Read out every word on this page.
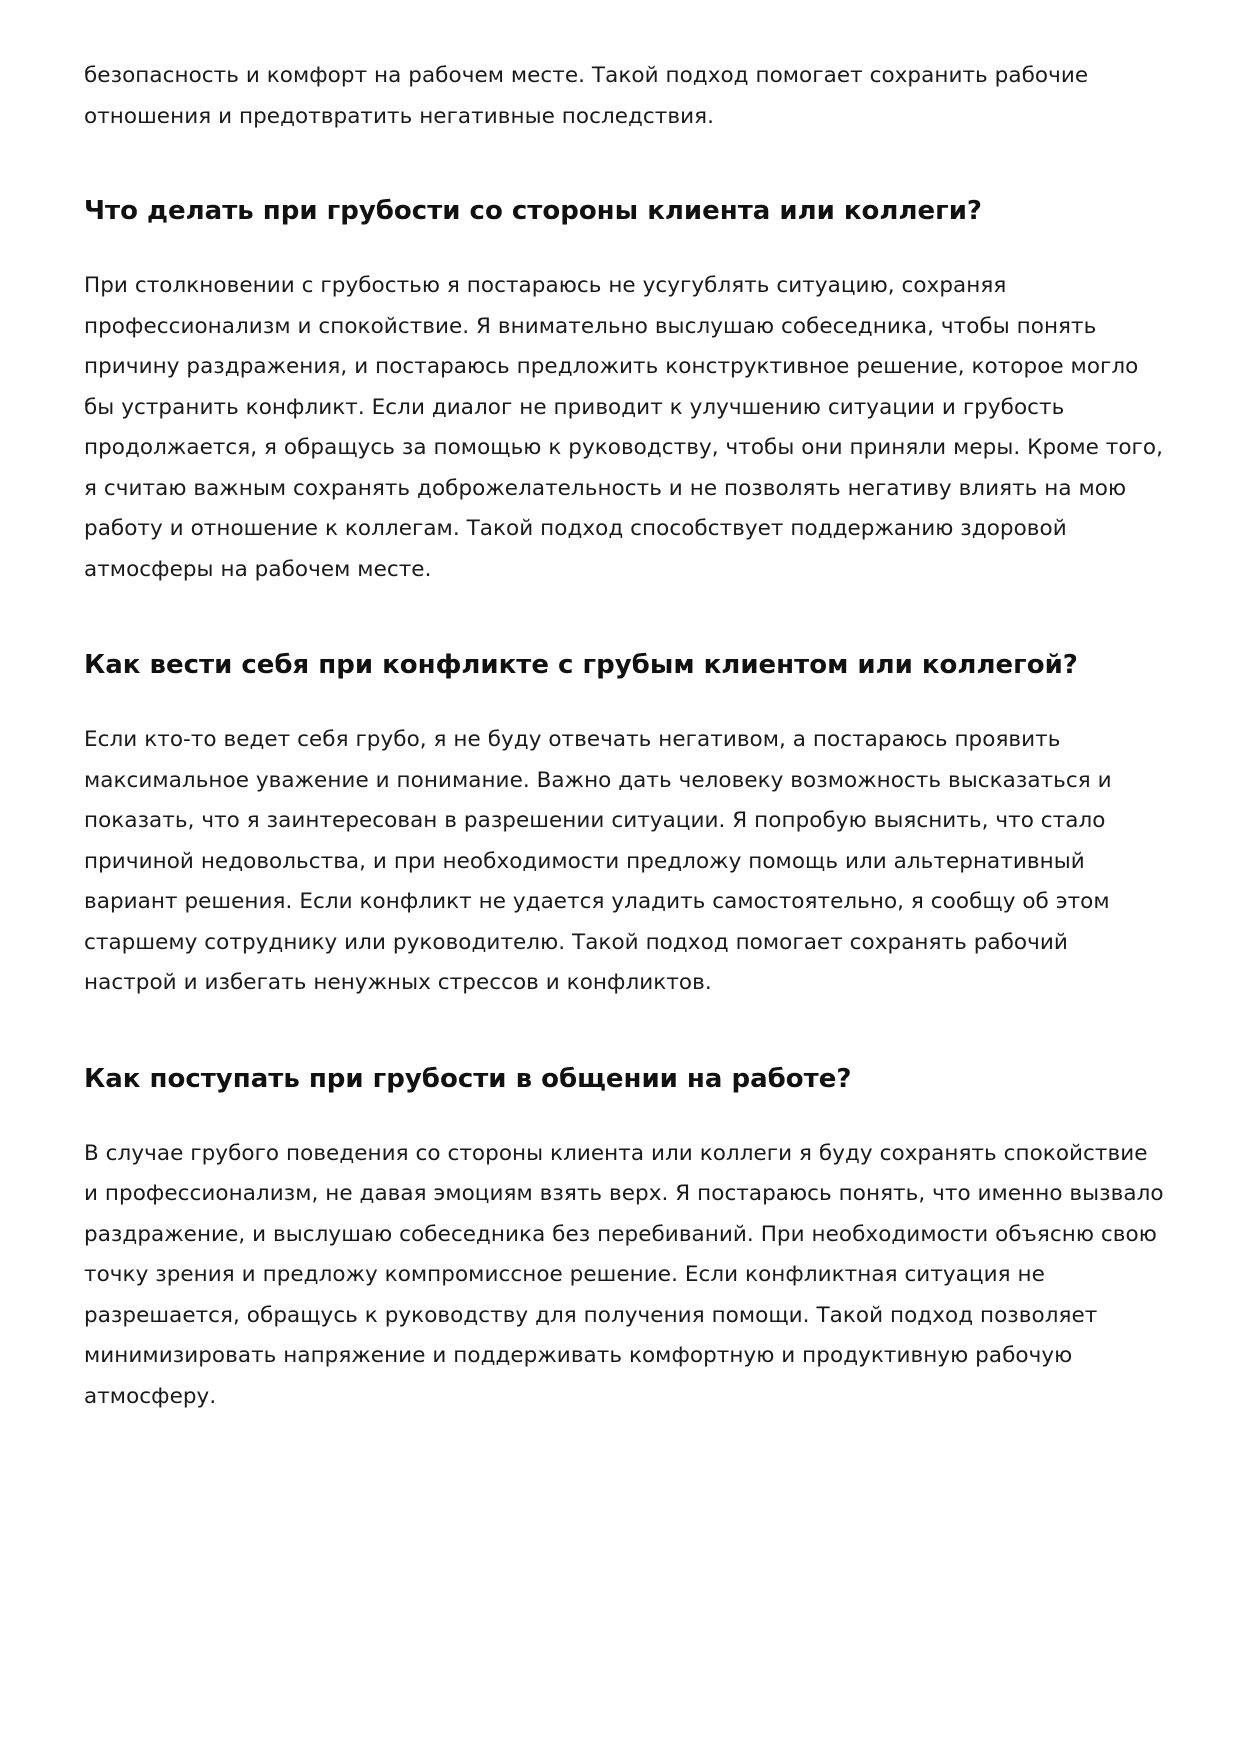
безопасность и комфорт на рабочем месте. Такой подход помогает сохранить рабочие отношения и предотвратить негативные последствия.

Что делать при грубости со стороны клиента или коллеги?

При столкновении с грубостью я постараюсь не усугублять ситуацию, сохраняя профессионализм и спокойствие. Я внимательно выслушаю собеседника, чтобы понять причину раздражения, и постараюсь предложить конструктивное решение, которое могло бы устранить конфликт. Если диалог не приводит к улучшению ситуации и грубость продолжается, я обращусь за помощью к руководству, чтобы они приняли меры. Кроме того, я считаю важным сохранять доброжелательность и не позволять негативу влиять на мою работу и отношение к коллегам. Такой подход способствует поддержанию здоровой атмосферы на рабочем месте.

Как вести себя при конфликте с грубым клиентом или коллегой?

Если кто-то ведет себя грубо, я не буду отвечать негативом, а постараюсь проявить максимальное уважение и понимание. Важно дать человеку возможность высказаться и показать, что я заинтересован в разрешении ситуации. Я попробую выяснить, что стало причиной недовольства, и при необходимости предложу помощь или альтернативный вариант решения. Если конфликт не удается уладить самостоятельно, я сообщу об этом старшему сотруднику или руководителю. Такой подход помогает сохранять рабочий настрой и избегать ненужных стрессов и конфликтов.

Как поступать при грубости в общении на работе?

В случае грубого поведения со стороны клиента или коллеги я буду сохранять спокойствие и профессионализм, не давая эмоциям взять верх. Я постараюсь понять, что именно вызвало раздражение, и выслушаю собеседника без перебиваний. При необходимости объясню свою точку зрения и предложу компромиссное решение. Если конфликтная ситуация не разрешается, обращусь к руководству для получения помощи. Такой подход позволяет минимизировать напряжение и поддерживать комфортную и продуктивную рабочую атмосферу.
